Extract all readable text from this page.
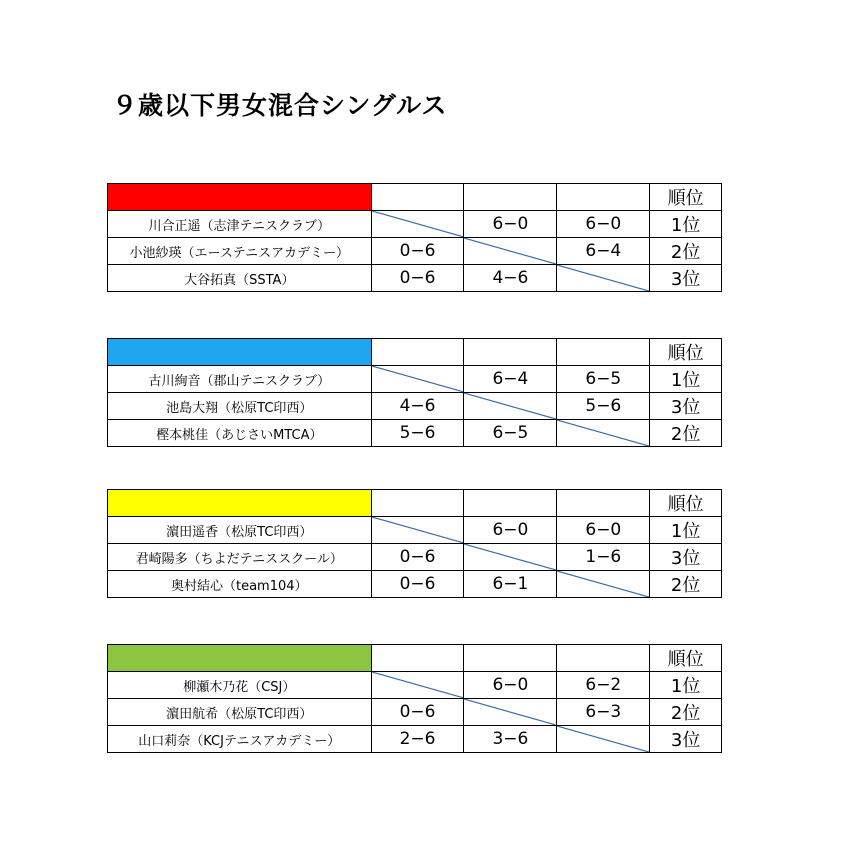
９歳以下男女混合シングルス
				順位
川合正遥（志津テニスクラブ）		6−0	6−0	1位
小池紗瑛（エーステニスアカデミー）	0−6		6−4	2位
大谷拓真（SSTA）	0−6	4−6		3位
				順位
古川絢音（郡山テニスクラブ）		6−4	6−5	1位
池島大翔（松原TC印西）	4−6		5−6	3位
樫本桃佳（あじさいMTCA）	5−6	6−5		2位
				順位
濵田遥香（松原TC印西）		6−0	6−0	1位
君崎陽多（ちよだテニススクール）	0−6		1−6	3位
奥村結心（team104）	0−6	6−1		2位
				順位
柳瀬木乃花（CSJ）		6−0	6−2	1位
濵田航希（松原TC印西）	0−6		6−3	2位
山口莉奈（KCJテニスアカデミー）	2−6	3−6		3位
